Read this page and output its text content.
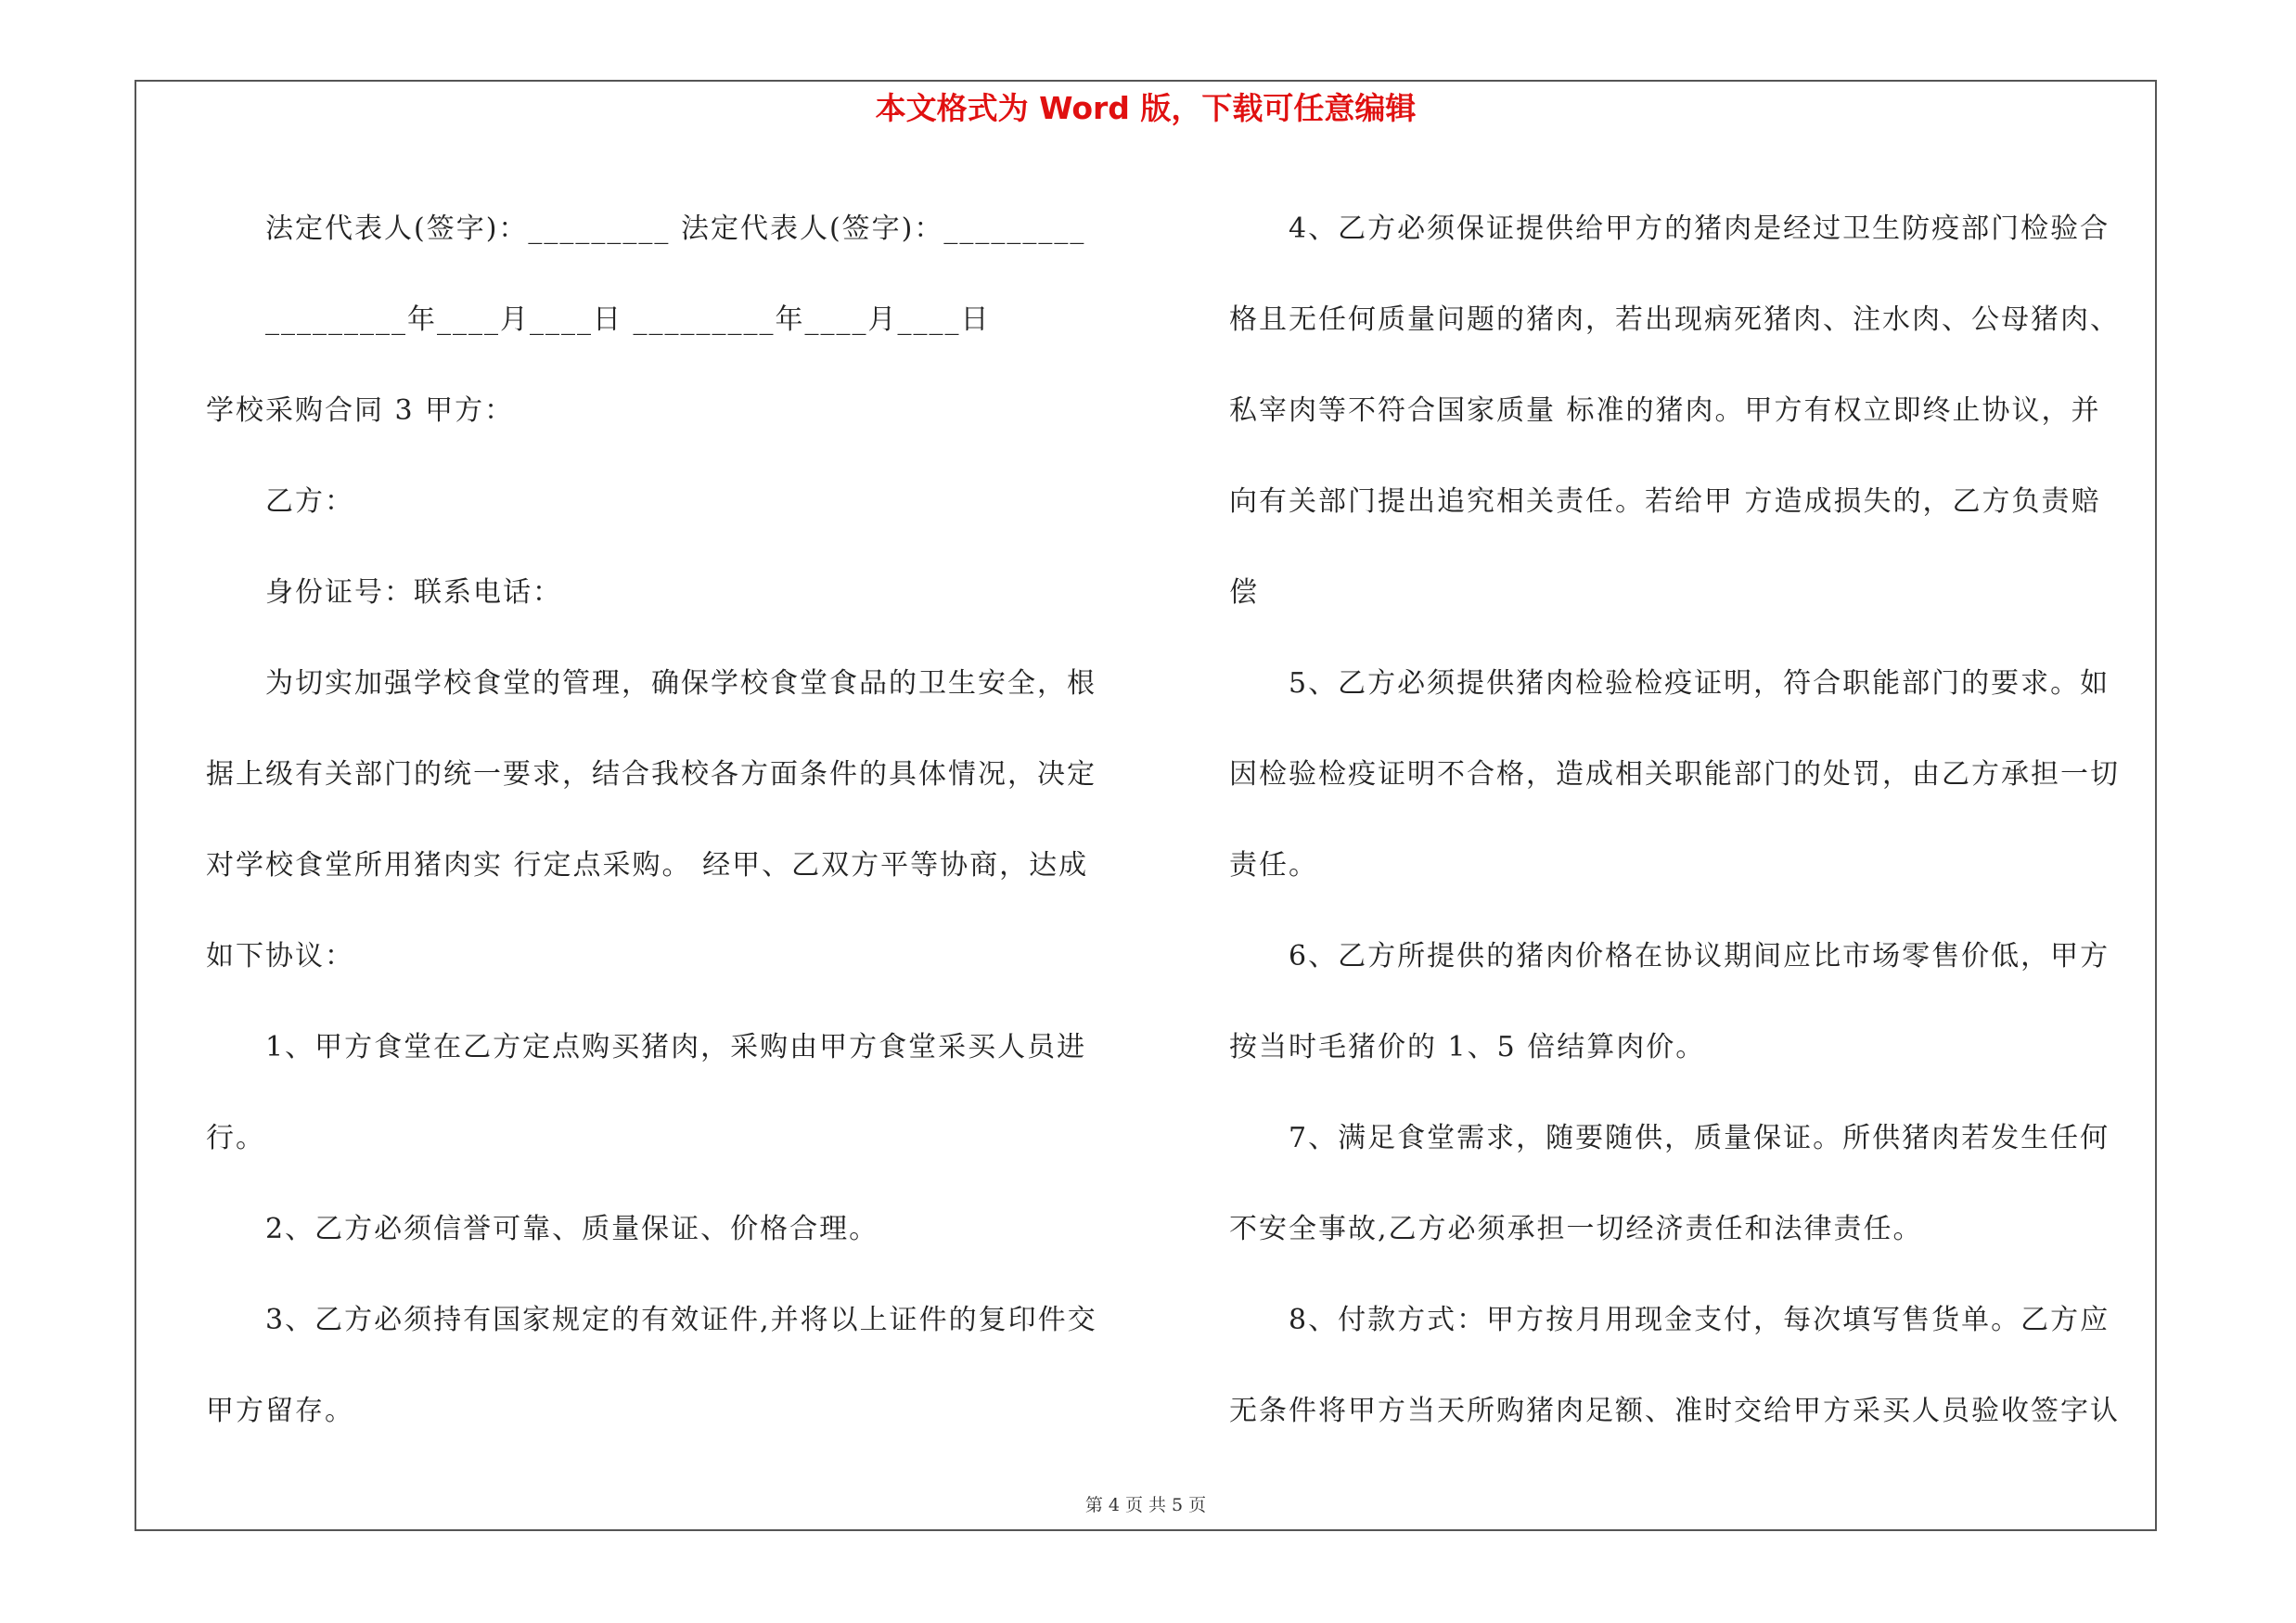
本文格式为 Word 版，下载可任意编辑
法定代表人(签字)：_________ 法定代表人(签字)：_________
_________年____月____日 _________年____月____日
学校采购合同 3 甲方：
乙方：
身份证号：联系电话：
为切实加强学校食堂的管理，确保学校食堂食品的卫生安全，根
据上级有关部门的统一要求，结合我校各方面条件的具体情况，决定
对学校食堂所用猪肉实 行定点采购。 经甲、乙双方平等协商，达成
如下协议：
1、甲方食堂在乙方定点购买猪肉，采购由甲方食堂采买人员进
行。
2、乙方必须信誉可靠、质量保证、价格合理。
3、乙方必须持有国家规定的有效证件,并将以上证件的复印件交
甲方留存。
4、乙方必须保证提供给甲方的猪肉是经过卫生防疫部门检验合
格且无任何质量问题的猪肉，若出现病死猪肉、注水肉、公母猪肉、
私宰肉等不符合国家质量 标准的猪肉。甲方有权立即终止协议，并
向有关部门提出追究相关责任。若给甲 方造成损失的，乙方负责赔
偿
5、乙方必须提供猪肉检验检疫证明，符合职能部门的要求。如
因检验检疫证明不合格，造成相关职能部门的处罚，由乙方承担一切
责任。
6、乙方所提供的猪肉价格在协议期间应比市场零售价低，甲方
按当时毛猪价的 1、5 倍结算肉价。
7、满足食堂需求，随要随供，质量保证。所供猪肉若发生任何
不安全事故,乙方必须承担一切经济责任和法律责任。
8、付款方式：甲方按月用现金支付，每次填写售货单。乙方应
无条件将甲方当天所购猪肉足额、准时交给甲方采买人员验收签字认
第 4 页 共 5 页
